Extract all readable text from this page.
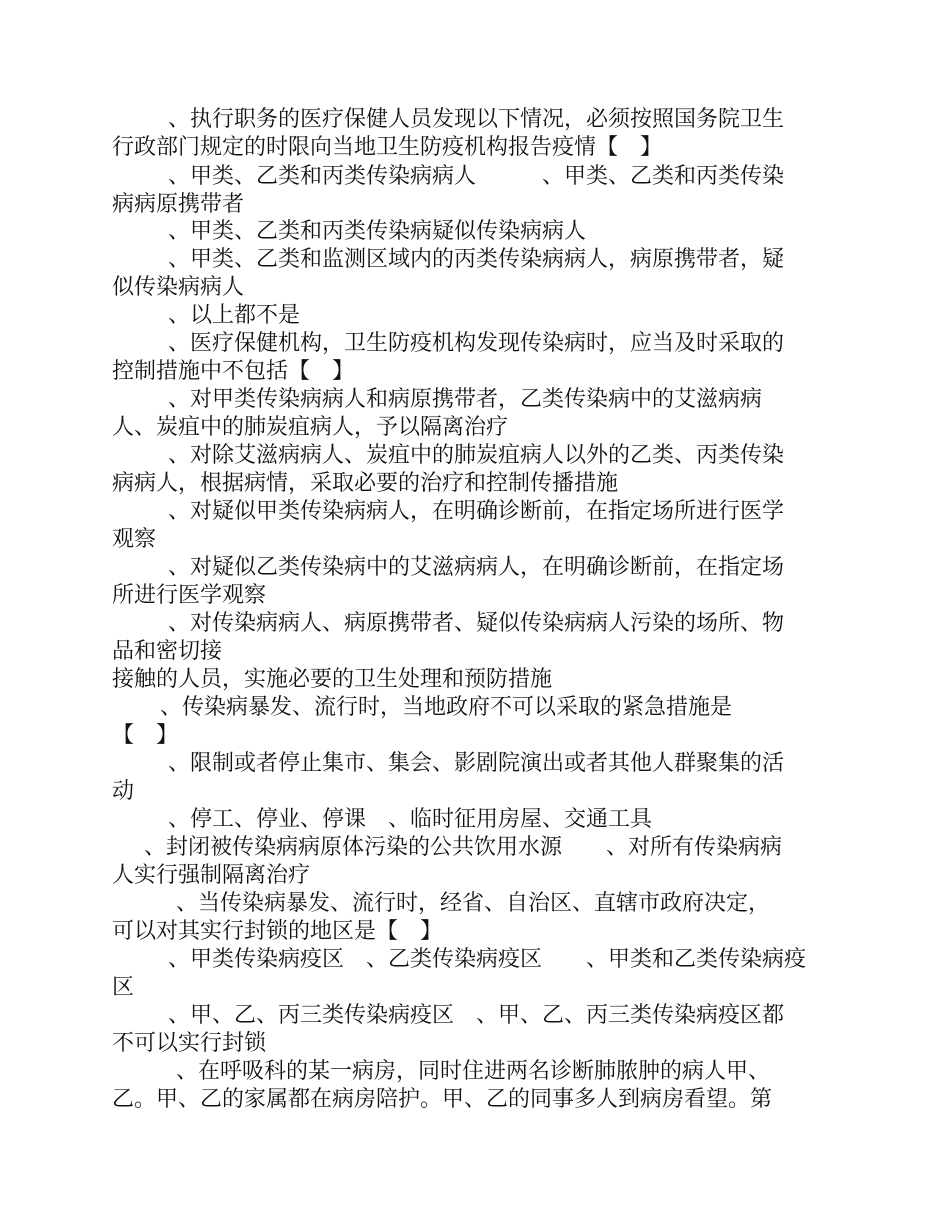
、执行职务的医疗保健人员发现以下情况，必须按照国务院卫生
行政部门规定的时限向当地卫生防疫机构报告疫情【　】
、甲类、乙类和丙类传染病病人　　　、甲类、乙类和丙类传染
病病原携带者
、甲类、乙类和丙类传染病疑似传染病病人
、甲类、乙类和监测区域内的丙类传染病病人，病原携带者，疑
似传染病病人
、以上都不是
、医疗保健机构，卫生防疫机构发现传染病时，应当及时采取的
控制措施中不包括【　】
、对甲类传染病病人和病原携带者，乙类传染病中的艾滋病病
人、炭疽中的肺炭疽病人，予以隔离治疗
、对除艾滋病病人、炭疽中的肺炭疽病人以外的乙类、丙类传染
病病人，根据病情，采取必要的治疗和控制传播措施
、对疑似甲类传染病病人，在明确诊断前，在指定场所进行医学
观察
、对疑似乙类传染病中的艾滋病病人，在明确诊断前，在指定场
所进行医学观察
、对传染病病人、病原携带者、疑似传染病病人污染的场所、物
品和密切接
接触的人员，实施必要的卫生处理和预防措施
、传染病暴发、流行时，当地政府不可以采取的紧急措施是
【　】
、限制或者停止集市、集会、影剧院演出或者其他人群聚集的活
动
、停工、停业、停课　、临时征用房屋、交通工具
、封闭被传染病病原体污染的公共饮用水源　　、对所有传染病病
人实行强制隔离治疗
、当传染病暴发、流行时，经省、自治区、直辖市政府决定，
可以对其实行封锁的地区是【　】
、甲类传染病疫区　、乙类传染病疫区　　、甲类和乙类传染病疫
区
、甲、乙、丙三类传染病疫区　、甲、乙、丙三类传染病疫区都
不可以实行封锁
、在呼吸科的某一病房，同时住进两名诊断肺脓肿的病人甲、
乙。甲、乙的家属都在病房陪护。甲、乙的同事多人到病房看望。第
